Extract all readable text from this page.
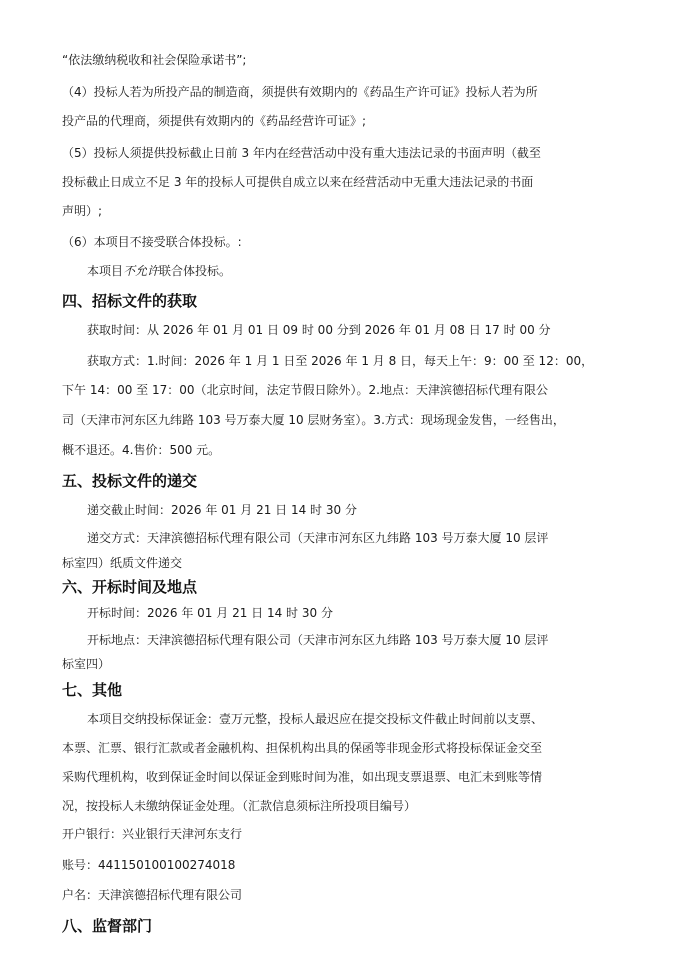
“依法缴纳税收和社会保险承诺书”;
（4）投标人若为所投产品的制造商，须提供有效期内的《药品生产许可证》投标人若为所
投产品的代理商，须提供有效期内的《药品经营许可证》;
（5）投标人须提供投标截止日前 3 年内在经营活动中没有重大违法记录的书面声明（截至
投标截止日成立不足 3 年的投标人可提供自成立以来在经营活动中无重大违法记录的书面
声明）;
（6）本项目不接受联合体投标。:
本项目不允许联合体投标。
四、招标文件的获取
获取时间：从 2026 年 01 月 01 日 09 时 00 分到 2026 年 01 月 08 日 17 时 00 分
获取方式：1.时间：2026 年 1 月 1 日至 2026 年 1 月 8 日，每天上午：9：00 至 12：00，
下午 14：00 至 17：00（北京时间，法定节假日除外）。2.地点：天津滨德招标代理有限公
司（天津市河东区九纬路 103 号万泰大厦 10 层财务室）。3.方式：现场现金发售，一经售出，
概不退还。4.售价：500 元。
五、投标文件的递交
递交截止时间：2026 年 01 月 21 日 14 时 30 分
递交方式：天津滨德招标代理有限公司（天津市河东区九纬路 103 号万泰大厦 10 层评
标室四）纸质文件递交
六、开标时间及地点
开标时间：2026 年 01 月 21 日 14 时 30 分
开标地点：天津滨德招标代理有限公司（天津市河东区九纬路 103 号万泰大厦 10 层评
标室四）
七、其他
本项目交纳投标保证金：壹万元整，投标人最迟应在提交投标文件截止时间前以支票、
本票、汇票、银行汇款或者金融机构、担保机构出具的保函等非现金形式将投标保证金交至
采购代理机构，收到保证金时间以保证金到账时间为准，如出现支票退票、电汇未到账等情
况，按投标人未缴纳保证金处理。（汇款信息须标注所投项目编号）
开户银行：兴业银行天津河东支行
账号：441150100100274018
户名：天津滨德招标代理有限公司
八、监督部门
